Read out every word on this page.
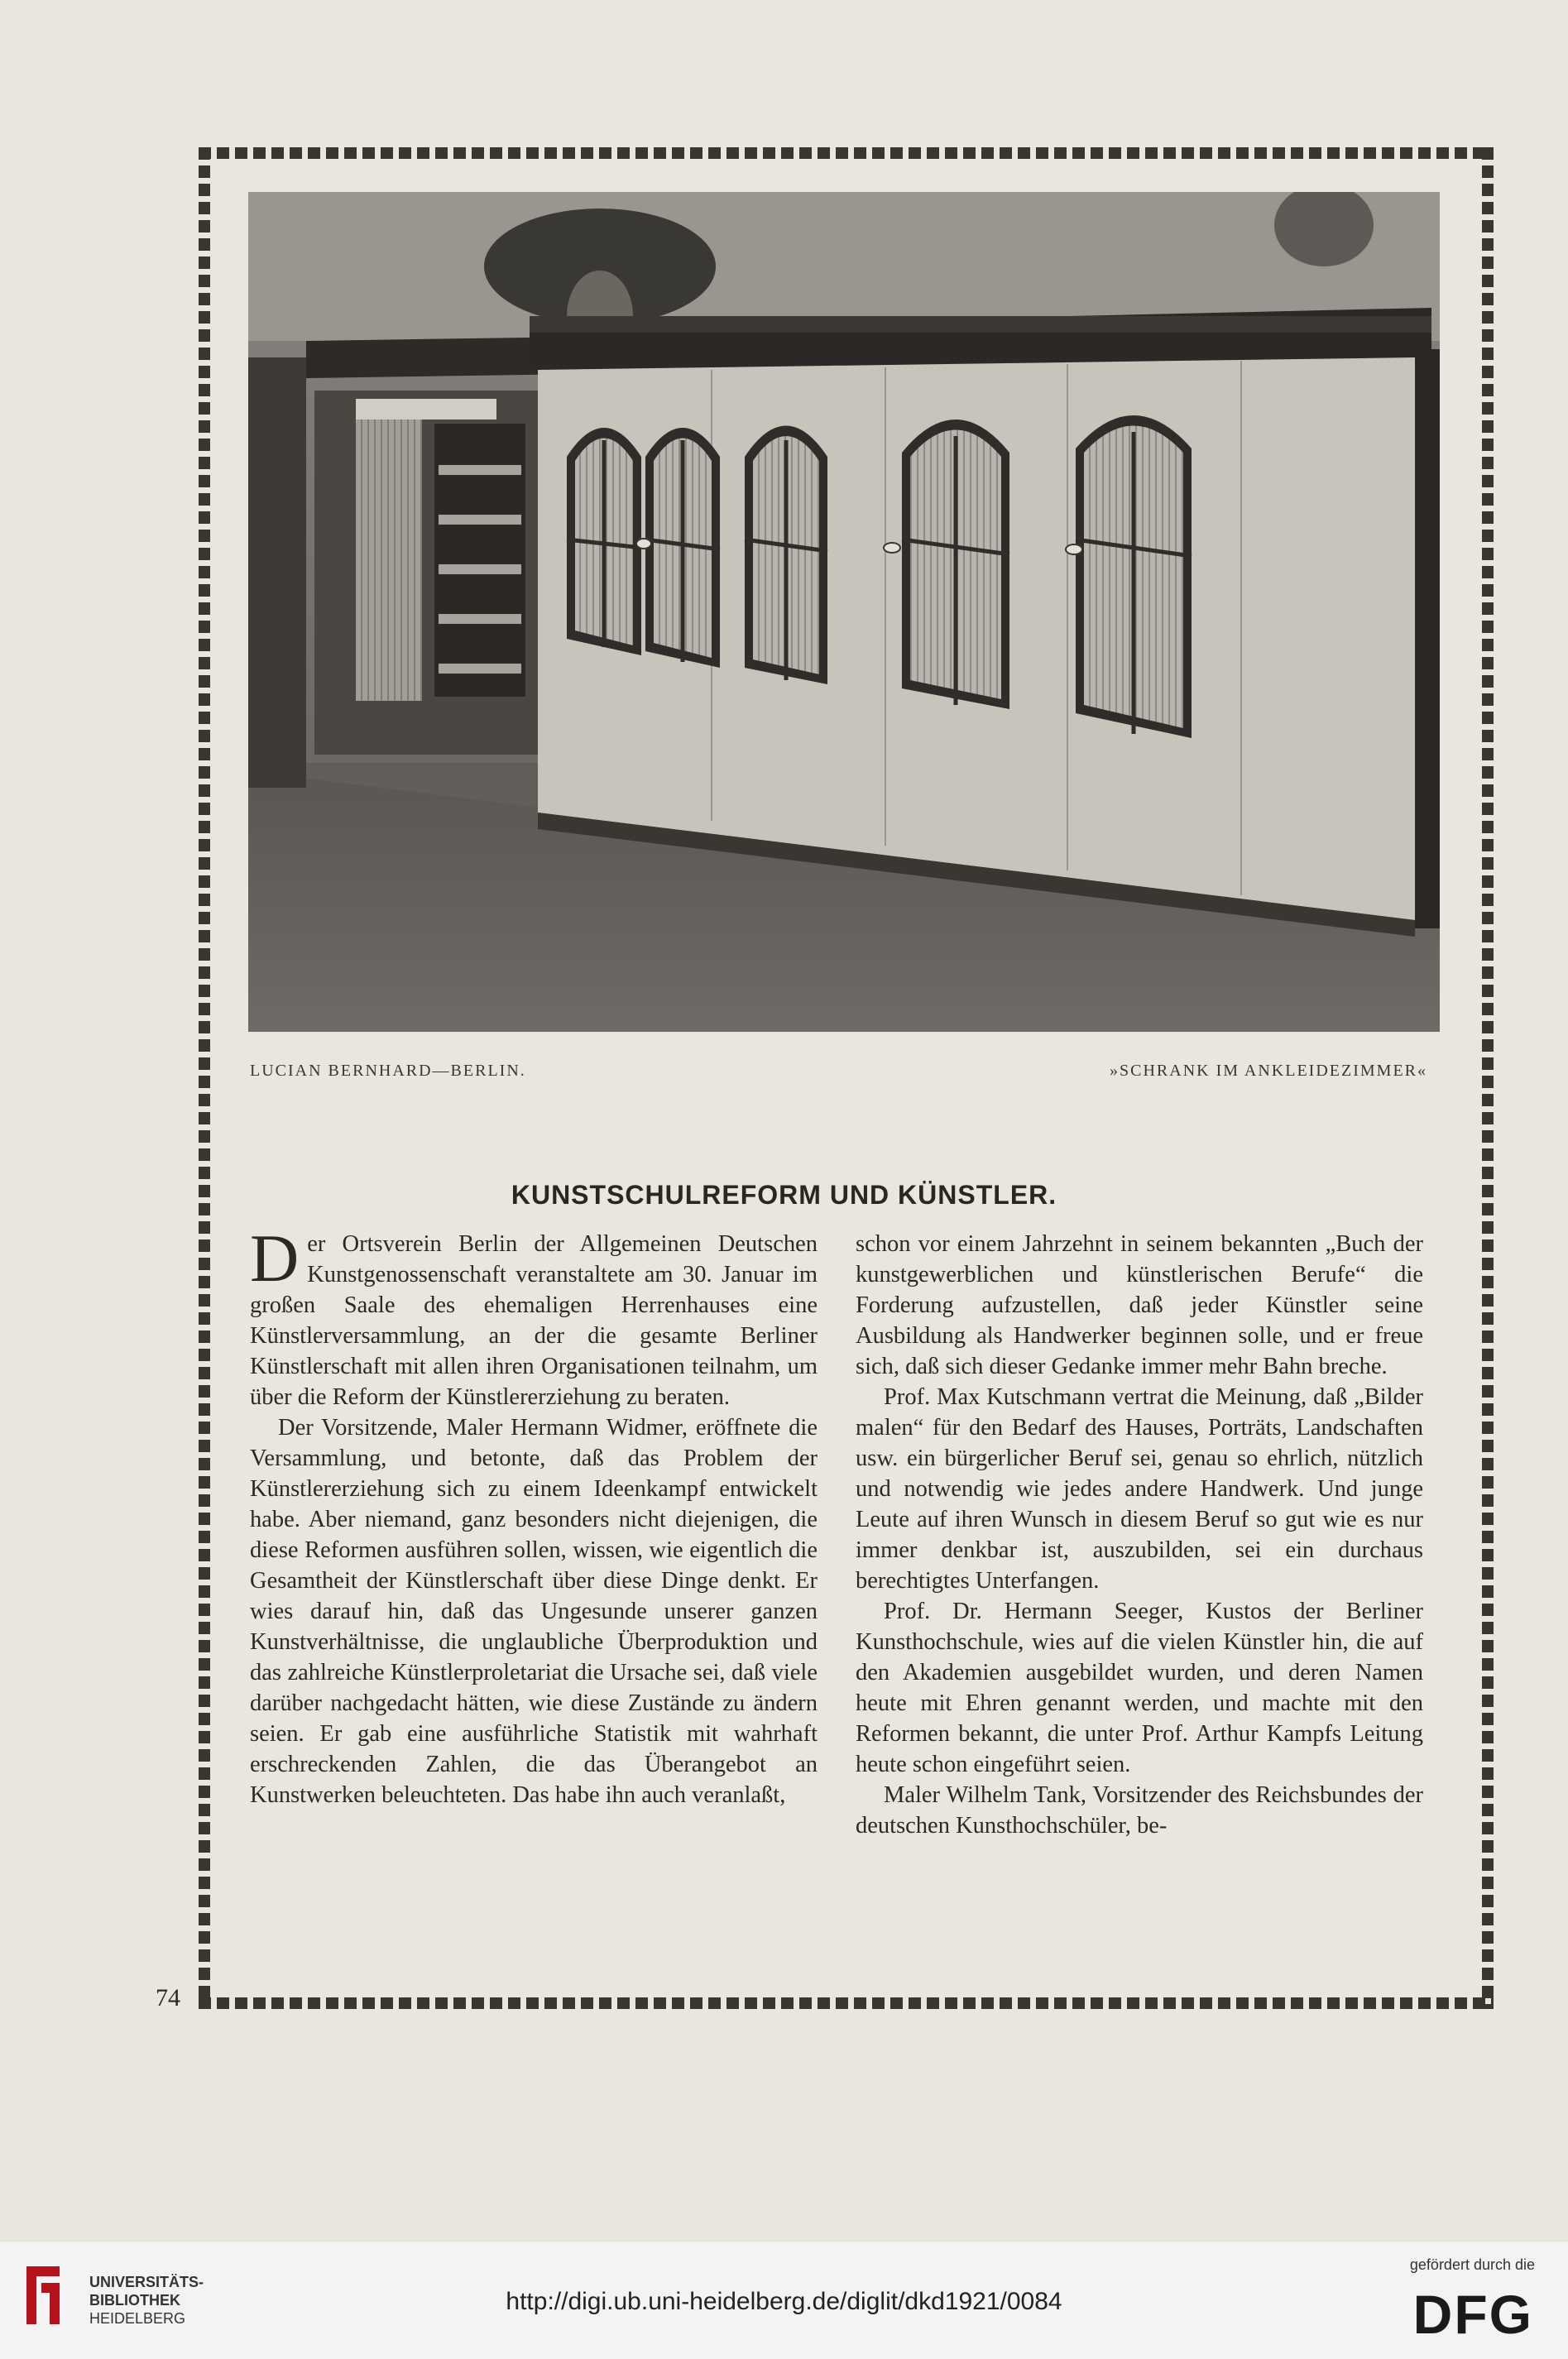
LUCIAN BERNHARD—BERLIN.	»SCHRANK IM ANKLEIDEZIMMER«
KUNSTSCHULREFORM UND KÜNSTLER.

Der Ortsverein Berlin der Allgemeinen Deutschen Kunstgenossenschaft veranstaltete am 30. Januar im großen Saale des ehemaligen Herrenhauses eine Künstlerversammlung, an der die gesamte Berliner Künstlerschaft mit allen ihren Organisationen teilnahm, um über die Reform der Künstlererziehung zu beraten.

Der Vorsitzende, Maler Hermann Widmer, eröffnete die Versammlung, und betonte, daß das Problem der Künstlererziehung sich zu einem Ideenkampf entwickelt habe. Aber niemand, ganz besonders nicht diejenigen, die diese Reformen ausführen sollen, wissen, wie eigentlich die Gesamtheit der Künstlerschaft über diese Dinge denkt. Er wies darauf hin, daß das Ungesunde unserer ganzen Kunstverhältnisse, die unglaubliche Überproduktion und das zahlreiche Künstlerproletariat die Ursache sei, daß viele darüber nachgedacht hätten, wie diese Zustände zu ändern seien. Er gab eine ausführliche Statistik mit wahrhaft erschreckenden Zahlen, die das Überangebot an Kunstwerken beleuchteten. Das habe ihn auch veranlaßt,

schon vor einem Jahrzehnt in seinem bekannten „Buch der kunstgewerblichen und künstlerischen Berufe“ die Forderung aufzustellen, daß jeder Künstler seine Ausbildung als Handwerker beginnen solle, und er freue sich, daß sich dieser Gedanke immer mehr Bahn breche.

Prof. Max Kutschmann vertrat die Meinung, daß „Bilder malen“ für den Bedarf des Hauses, Porträts, Landschaften usw. ein bürgerlicher Beruf sei, genau so ehrlich, nützlich und notwendig wie jedes andere Handwerk. Und junge Leute auf ihren Wunsch in diesem Beruf so gut wie es nur immer denkbar ist, auszubilden, sei ein durchaus berechtigtes Unterfangen.

Prof. Dr. Hermann Seeger, Kustos der Berliner Kunsthochschule, wies auf die vielen Künstler hin, die auf den Akademien ausgebildet wurden, und deren Namen heute mit Ehren genannt werden, und machte mit den Reformen bekannt, die unter Prof. Arthur Kampfs Leitung heute schon eingeführt seien.

Maler Wilhelm Tank, Vorsitzender des Reichsbundes der deutschen Kunsthochschüler, be-

74
UNIVERSITÄTS-
BIBLIOTHEK
HEIDELBERG
http://digi.ub.uni-heidelberg.de/diglit/dkd1921/0084
gefördert durch die
DFG
